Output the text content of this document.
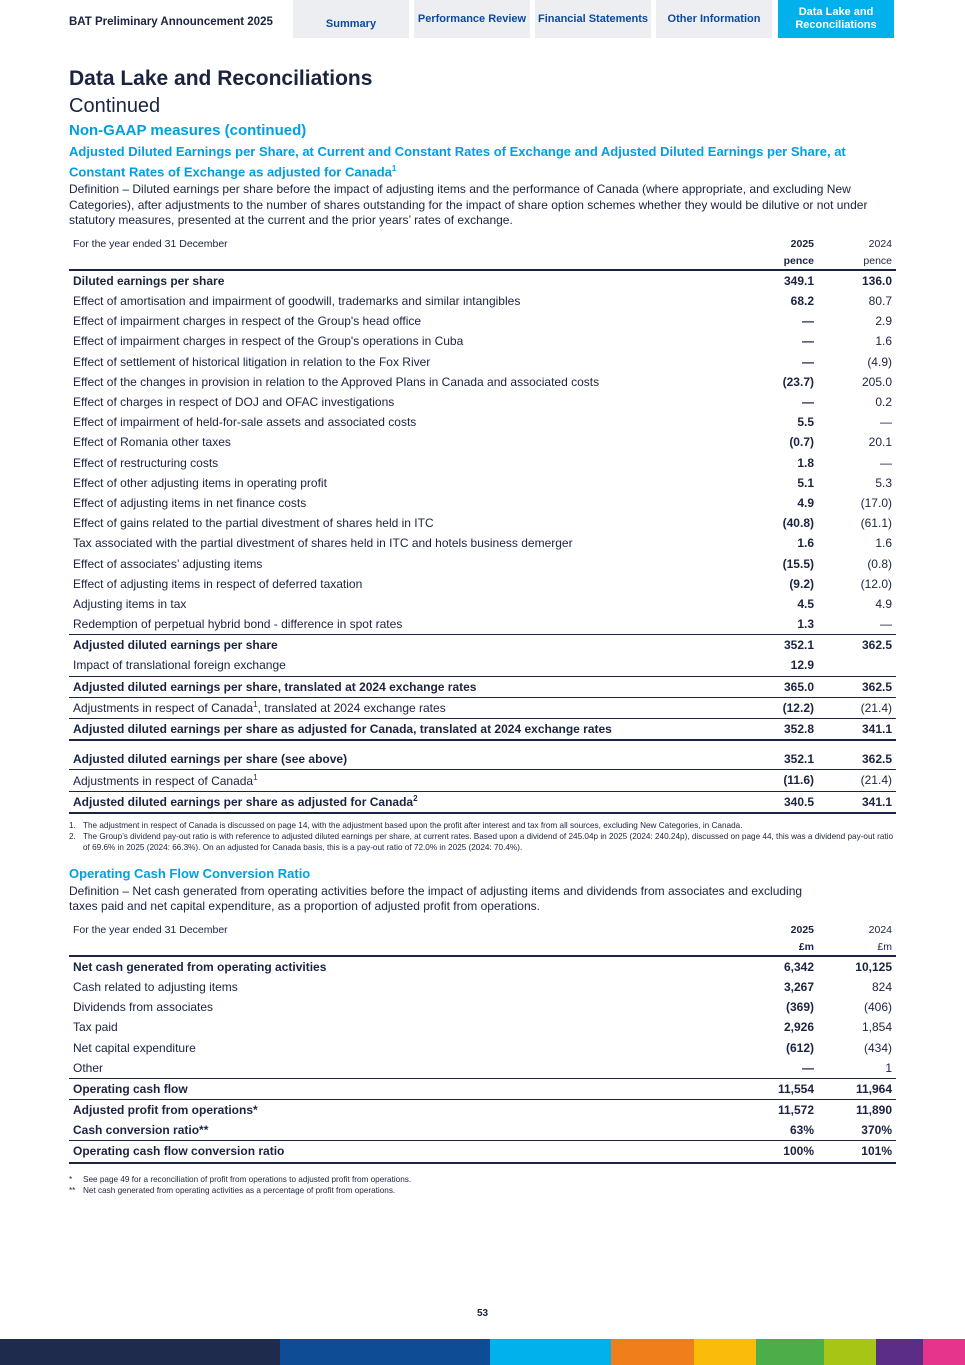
BAT Preliminary Announcement 2025	Summary	Performance Review Financial Statements Other Information
Data Lake and Reconciliations
Data Lake and Reconciliations
Continued
Non-GAAP measures (continued)
Adjusted Diluted Earnings per Share, at Current and Constant Rates of Exchange and Adjusted Diluted Earnings per Share, at Constant Rates of Exchange as adjusted for Canada$^1$
Definition – Diluted earnings per share before the impact of adjusting items and the performance of Canada (where appropriate, and excluding New Categories), after adjustments to the number of shares outstanding for the impact of share option schemes whether they would be dilutive or not under statutory measures, presented at the current and the prior years’ rates of exchange.
For the year ended 31 December	2025	2024
	pence	pence
Diluted earnings per share	349.1	136.0
Effect of amortisation and impairment of goodwill, trademarks and similar intangibles	68.2	80.7
Effect of impairment charges in respect of the Group's head office	—	2.9
Effect of impairment charges in respect of the Group's operations in Cuba	—	1.6
Effect of settlement of historical litigation in relation to the Fox River	—	(4.9)
Effect of the changes in provision in relation to the Approved Plans in Canada and associated costs	(23.7)	205.0
Effect of charges in respect of DOJ and OFAC investigations	—	0.2
Effect of impairment of held-for-sale assets and associated costs	5.5	—
Effect of Romania other taxes	(0.7)	20.1
Effect of restructuring costs	1.8	—
Effect of other adjusting items in operating profit	5.1	5.3
Effect of adjusting items in net finance costs	4.9	(17.0)
Effect of gains related to the partial divestment of shares held in ITC	(40.8)	(61.1)
Tax associated with the partial divestment of shares held in ITC and hotels business demerger	1.6	1.6
Effect of associates’ adjusting items	(15.5)	(0.8)
Effect of adjusting items in respect of deferred taxation	(9.2)	(12.0)
Adjusting items in tax	4.5	4.9
Redemption of perpetual hybrid bond - difference in spot rates	1.3	—
Adjusted diluted earnings per share	352.1	362.5
Impact of translational foreign exchange	12.9	
Adjusted diluted earnings per share, translated at 2024 exchange rates	365.0	362.5
Adjustments in respect of Canada$^1$, translated at 2024 exchange rates	(12.2)	(21.4)
Adjusted diluted earnings per share as adjusted for Canada, translated at 2024 exchange rates	352.8	341.1

Adjusted diluted earnings per share (see above)	352.1	362.5
Adjustments in respect of Canada$^1$	(11.6)	(21.4)
Adjusted diluted earnings per share as adjusted for Canada$^2$	340.5	341.1
1. The adjustment in respect of Canada is discussed on page 14, with the adjustment based upon the profit after interest and tax from all sources, excluding New Categories, in Canada.
2. The Group’s dividend pay-out ratio is with reference to adjusted diluted earnings per share, at current rates. Based upon a dividend of 245.04p in 2025 (2024: 240.24p), discussed on page 44, this was a dividend pay-out ratio of 69.6% in 2025 (2024: 66.3%). On an adjusted for Canada basis, this is a pay-out ratio of 72.0% in 2025 (2024: 70.4%).
Operating Cash Flow Conversion Ratio
Definition – Net cash generated from operating activities before the impact of adjusting items and dividends from associates and excluding taxes paid and net capital expenditure, as a proportion of adjusted profit from operations.
For the year ended 31 December	2025	2024
	£m	£m
Net cash generated from operating activities	6,342	10,125
Cash related to adjusting items	3,267	824
Dividends from associates	(369)	(406)
Tax paid	2,926	1,854
Net capital expenditure	(612)	(434)
Other	—	1
Operating cash flow	11,554	11,964
Adjusted profit from operations*	11,572	11,890
Cash conversion ratio**	63%	370%
Operating cash flow conversion ratio	100%	101%
*	See page 49 for a reconciliation of profit from operations to adjusted profit from operations.
** Net cash generated from operating activities as a percentage of profit from operations.
53
